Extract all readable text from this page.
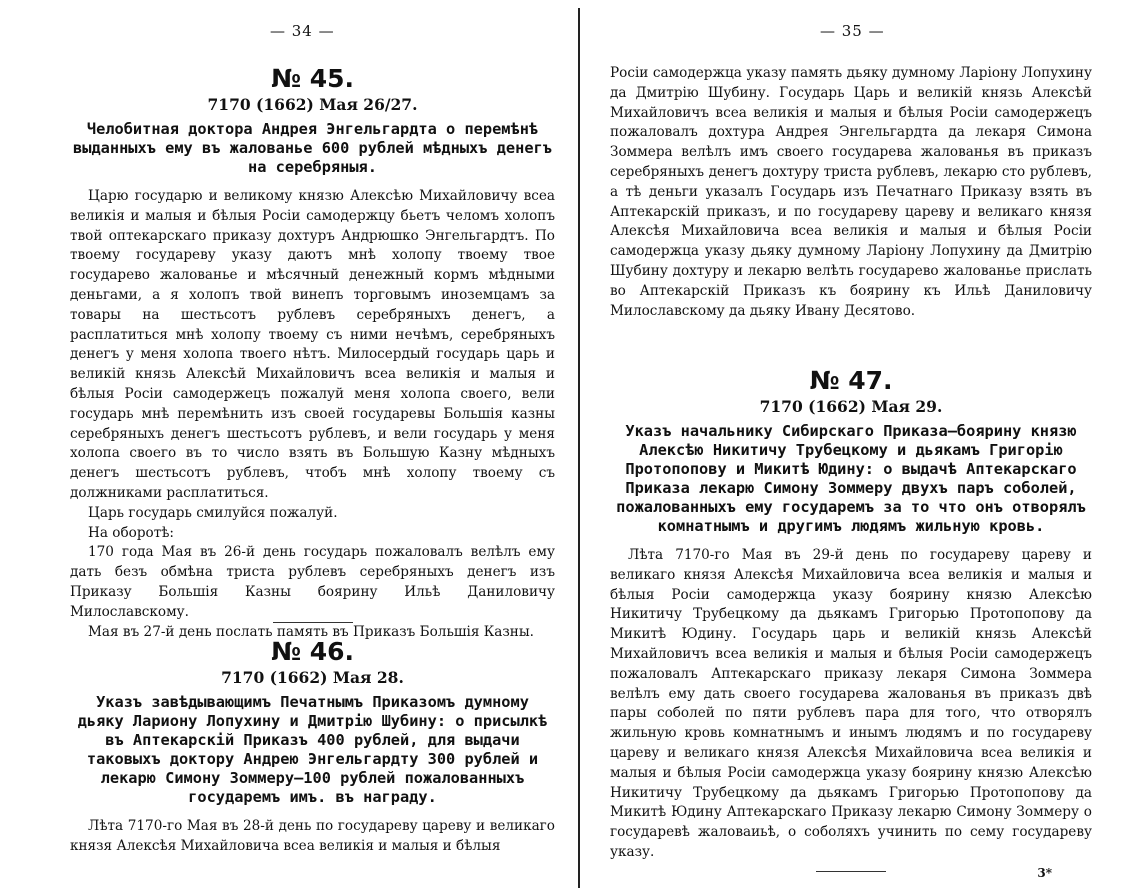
— 34 —
№ 45.
7170 (1662) Мая 26/27.
Челобитная доктора Андрея Энгельгардта о перемѣнѣ выданныхъ ему въ жалованье 600 рублей мѣдныхъ денегъ на серебряныя.

Царю государю и великому князю Алексѣю Михайловичу всеа великія и малыя и бѣлыя Росіи самодержцу бьетъ челомъ холопъ твой оптекарскаго приказу дохтуръ Андрюшко Энгельгардтъ. По твоему государеву указу даютъ мнѣ холопу твоему твое государево жалованье и мѣсячный денежный кормъ мѣдными деньгами, а я холопъ твой винепъ торговымъ иноземцамъ за товары на шестьсотъ рублевъ серебряныхъ денегъ, а расплатиться мнѣ холопу твоему съ ними нечѣмъ, серебряныхъ денегъ у меня холопа твоего нѣтъ. Милосердый государь царь и великій князь Алексѣй Михайловичъ всеа великія и малыя и бѣлыя Росіи самодержецъ пожалуй меня холопа своего, вели государь мнѣ перемѣнить изъ своей государевы Большія казны серебряныхъ денегъ шестьсотъ рублевъ, и вели государь у меня холопа своего въ то число взять въ Большую Казну мѣдныхъ денегъ шестьсотъ рублевъ, чтобъ мнѣ холопу твоему съ должниками расплатиться.

Царь государь смилуйся пожалуй.

На оборотѣ:

170 года Мая въ 26-й день государь пожаловалъ велѣлъ ему дать безъ обмѣна триста рублевъ серебряныхъ денегъ изъ Приказу Большія Казны боярину Ильѣ Даниловичу Милославскому.

Мая въ 27-й день послать память въ Приказъ Большія Казны.

№ 46.
7170 (1662) Мая 28.
Указъ завѣдывающимъ Печатнымъ Приказомъ думному дьяку Лариону Лопухину и Дмитрію Шубину: о присылкѣ въ Аптекарскій Приказъ 400 рублей, для выдачи таковыхъ доктору Андрею Энгельгардту 300 рублей и лекарю Симону Зоммеру—100 рублей пожалованныхъ государемъ имъ. въ награду.

Лѣта 7170-го Мая въ 28-й день по государеву цареву и великаго князя Алексѣя Михайловича всеа великія и малыя и бѣлыя

— 35 —

Росіи самодержца указу память дьяку думному Ларіону Лопухину да Дмитрію Шубину. Государь Царь и великій князь Алексѣй Михайловичъ всеа великія и малыя и бѣлыя Росіи самодержецъ пожаловалъ дохтура Андрея Энгельгардта да лекаря Симона Зоммера велѣлъ имъ своего государева жалованья въ приказъ серебряныхъ денегъ дохтуру триста рублевъ, лекарю сто рублевъ, а тѣ деньги указалъ Государь изъ Печатнаго Приказу взять въ Аптекарскій приказъ, и по государеву цареву и великаго князя Алексѣя Михайловича всеа великія и малыя и бѣлыя Росіи самодержца указу дьяку думному Ларіону Лопухину да Дмитрію Шубину дохтуру и лекарю велѣть государево жалованье прислать во Аптекарскій Приказъ къ боярину къ Ильѣ Даниловичу Милославскому да дьяку Ивану Десятово.

№ 47.
7170 (1662) Мая 29.
Указъ начальнику Сибирскаго Приказа—боярину князю Алексѣю Никитичу Трубецкому и дьякамъ Григорію Протопопову и Микитѣ Юдину: о выдачѣ Аптекарскаго Приказа лекарю Симону Зоммеру двухъ паръ соболей, пожалованныхъ ему государемъ за то что онъ отворялъ комнатнымъ и другимъ людямъ жильную кровь.

Лѣта 7170-го Мая въ 29-й день по государеву цареву и великаго князя Алексѣя Михайловича всеа великія и малыя и бѣлыя Росіи самодержца указу боярину князю Алексѣю Никитичу Трубецкому да дьякамъ Григорью Протопопову да Микитѣ Юдину. Государь царь и великій князь Алексѣй Михайловичъ всеа великія и малыя и бѣлыя Росіи самодержецъ пожаловалъ Аптекарскаго приказу лекаря Симона Зоммера велѣлъ ему дать своего государева жалованья въ приказъ двѣ пары соболей по пяти рублевъ пара для того, что отворялъ жильную кровь комнатнымъ и инымъ людямъ и по государеву цареву и великаго князя Алексѣя Михайловича всеа великія и малыя и бѣлыя Росіи самодержца указу боярину князю Алексѣю Никитичу Трубецкому да дьякамъ Григорью Протопопову да Микитѣ Юдину Аптекарскаго Приказу лекарю Симону Зоммеру о государевѣ жаловаиьѣ, о соболяхъ учинить по сему государеву указу.

3*
